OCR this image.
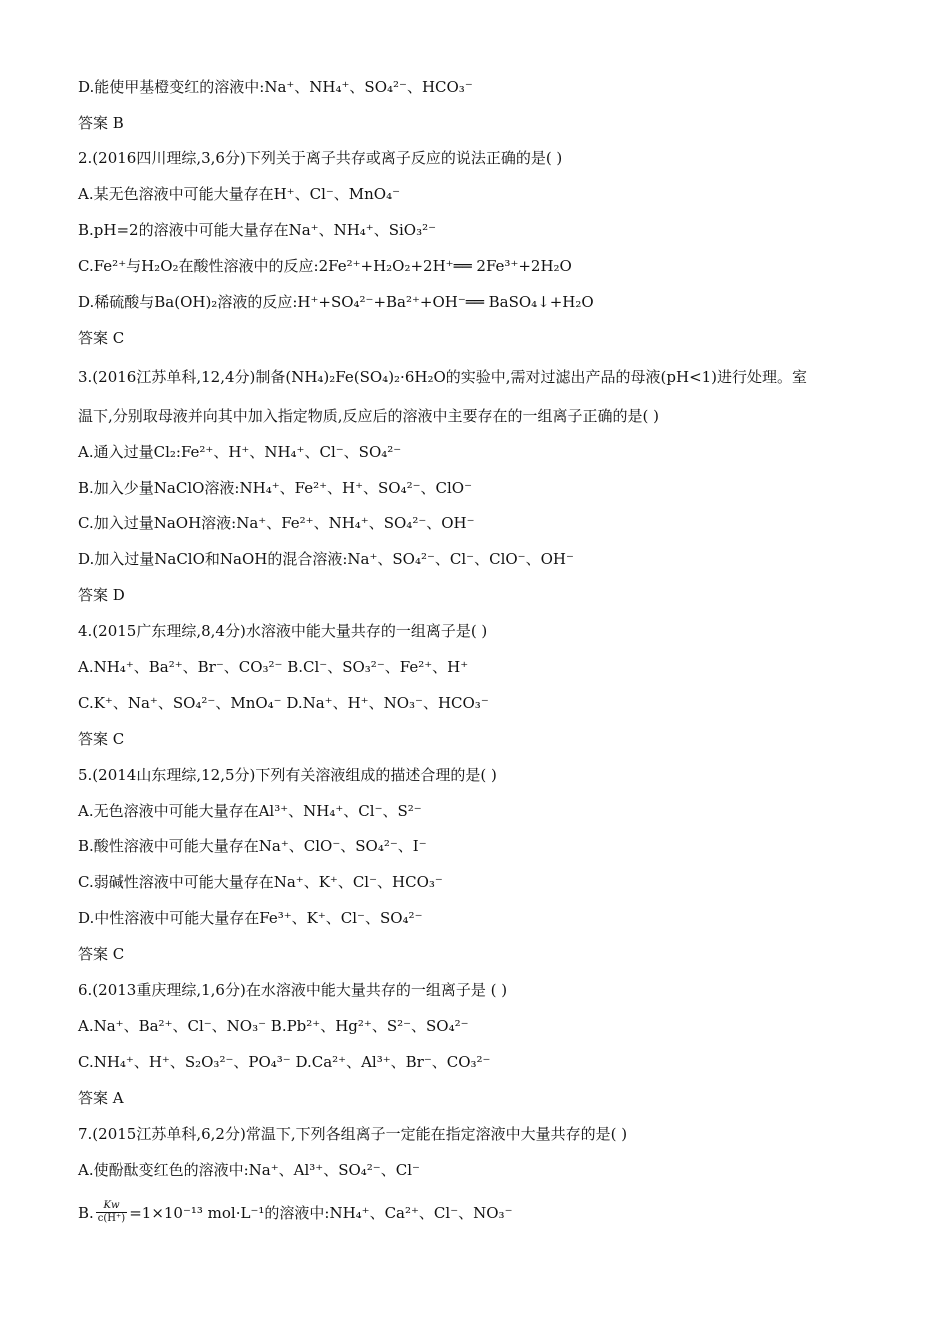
D.能使甲基橙变红的溶液中:Na⁺、NH₄⁺、SO₄²⁻、HCO₃⁻
答案 B
2.(2016四川理综,3,6分)下列关于离子共存或离子反应的说法正确的是( )
A.某无色溶液中可能大量存在H⁺、Cl⁻、MnO₄⁻
B.pH=2的溶液中可能大量存在Na⁺、NH₄⁺、SiO₃²⁻
C.Fe²⁺与H₂O₂在酸性溶液中的反应:2Fe²⁺+H₂O₂+2H⁺══ 2Fe³⁺+2H₂O
D.稀硫酸与Ba(OH)₂溶液的反应:H⁺+SO₄²⁻+Ba²⁺+OH⁻══ BaSO₄↓+H₂O
答案 C
3.(2016江苏单科,12,4分)制备(NH₄)₂Fe(SO₄)₂·6H₂O的实验中,需对过滤出产品的母液(pH<1)进行处理。室
温下,分别取母液并向其中加入指定物质,反应后的溶液中主要存在的一组离子正确的是( )
A.通入过量Cl₂:Fe²⁺、H⁺、NH₄⁺、Cl⁻、SO₄²⁻
B.加入少量NaClO溶液:NH₄⁺、Fe²⁺、H⁺、SO₄²⁻、ClO⁻
C.加入过量NaOH溶液:Na⁺、Fe²⁺、NH₄⁺、SO₄²⁻、OH⁻
D.加入过量NaClO和NaOH的混合溶液:Na⁺、SO₄²⁻、Cl⁻、ClO⁻、OH⁻
答案 D
4.(2015广东理综,8,4分)水溶液中能大量共存的一组离子是( )
A.NH₄⁺、Ba²⁺、Br⁻、CO₃²⁻ B.Cl⁻、SO₃²⁻、Fe²⁺、H⁺
C.K⁺、Na⁺、SO₄²⁻、MnO₄⁻ D.Na⁺、H⁺、NO₃⁻、HCO₃⁻
答案 C
5.(2014山东理综,12,5分)下列有关溶液组成的描述合理的是( )
A.无色溶液中可能大量存在Al³⁺、NH₄⁺、Cl⁻、S²⁻
B.酸性溶液中可能大量存在Na⁺、ClO⁻、SO₄²⁻、I⁻
C.弱碱性溶液中可能大量存在Na⁺、K⁺、Cl⁻、HCO₃⁻
D.中性溶液中可能大量存在Fe³⁺、K⁺、Cl⁻、SO₄²⁻
答案 C
6.(2013重庆理综,1,6分)在水溶液中能大量共存的一组离子是 ( )
A.Na⁺、Ba²⁺、Cl⁻、NO₃⁻ B.Pb²⁺、Hg²⁺、S²⁻、SO₄²⁻
C.NH₄⁺、H⁺、S₂O₃²⁻、PO₄³⁻ D.Ca²⁺、Al³⁺、Br⁻、CO₃²⁻
答案 A
7.(2015江苏单科,6,2分)常温下,下列各组离子一定能在指定溶液中大量共存的是( )
A.使酚酞变红色的溶液中:Na⁺、Al³⁺、SO₄²⁻、Cl⁻
B. $\frac{Kw}{c(H^+)} =1\times 10^{-13}$ mol·L⁻¹的溶液中:NH₄⁺、Ca²⁺、Cl⁻、NO₃⁻
